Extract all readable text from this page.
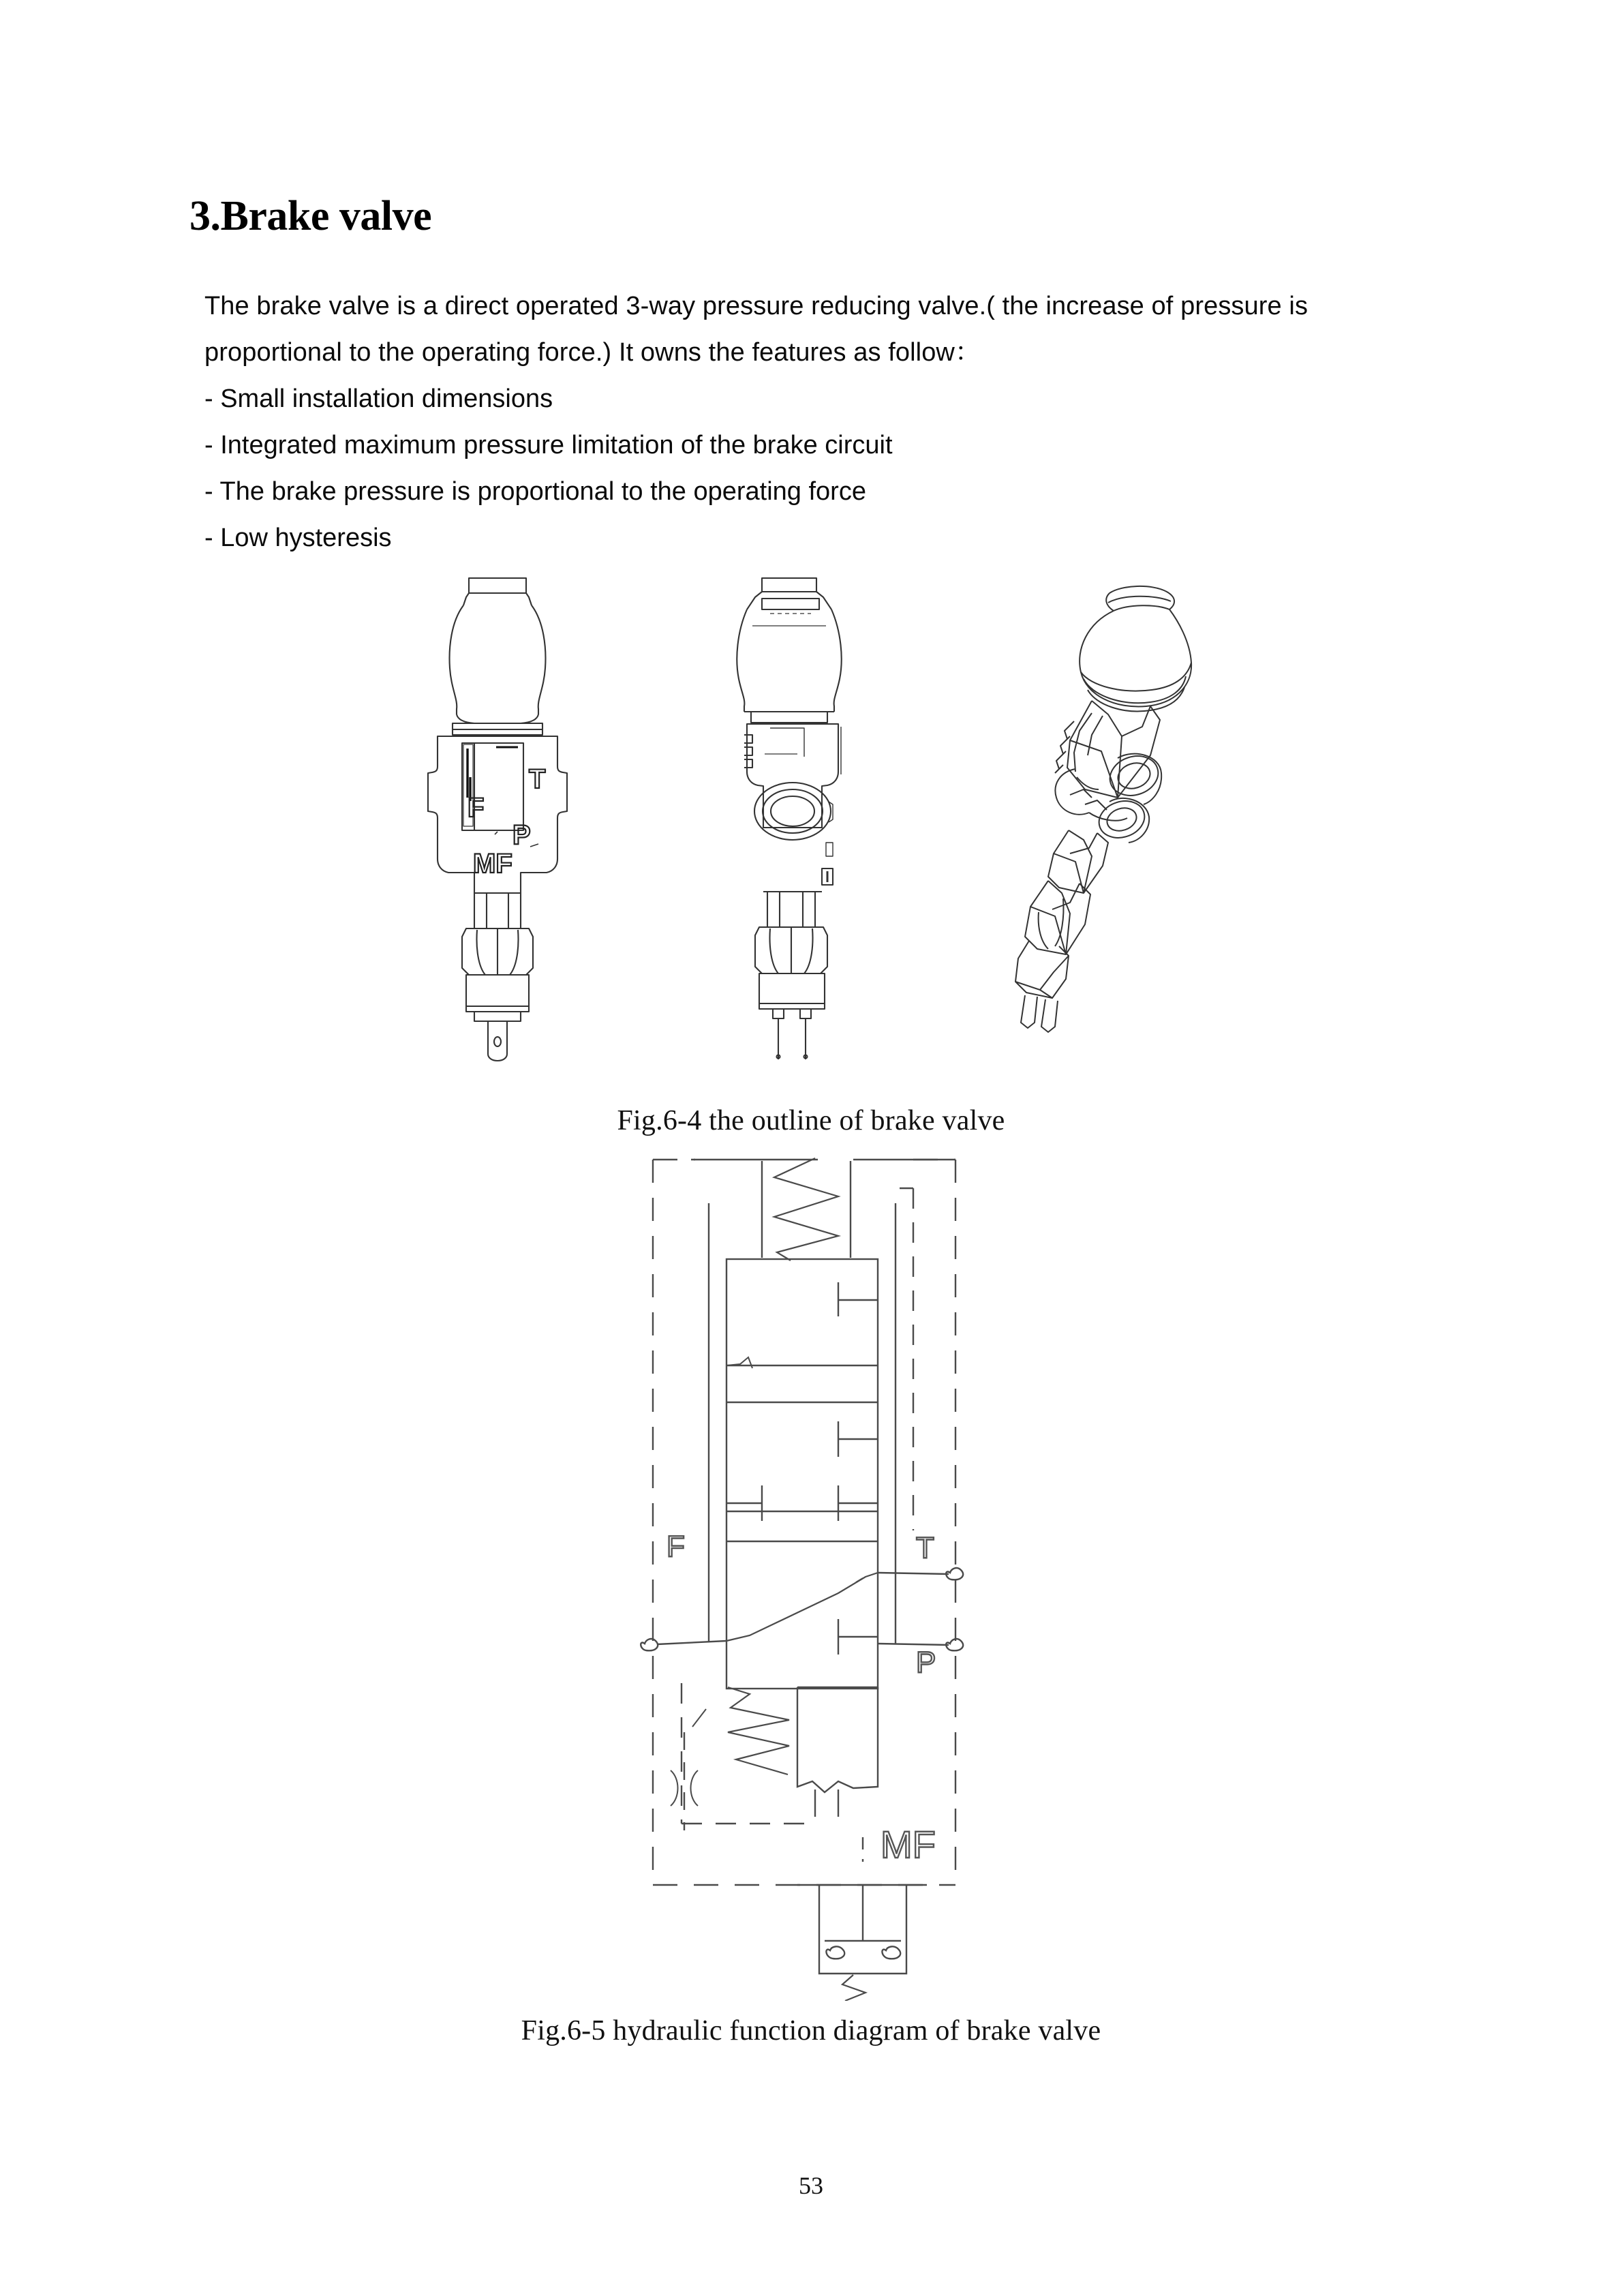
3.Brake valve

The brake valve is a direct operated 3-way pressure reducing valve.( the increase of pressure is

proportional to the operating force.) It owns the features as follow：

- Small installation dimensions

- Integrated maximum pressure limitation of the brake circuit

- The brake pressure is proportional to the operating force

- Low hysteresis

T
F
P
MF
Fig.6-4 the outline of brake valve
F	T
P
MF
Fig.6-5 hydraulic function diagram of brake valve
53
